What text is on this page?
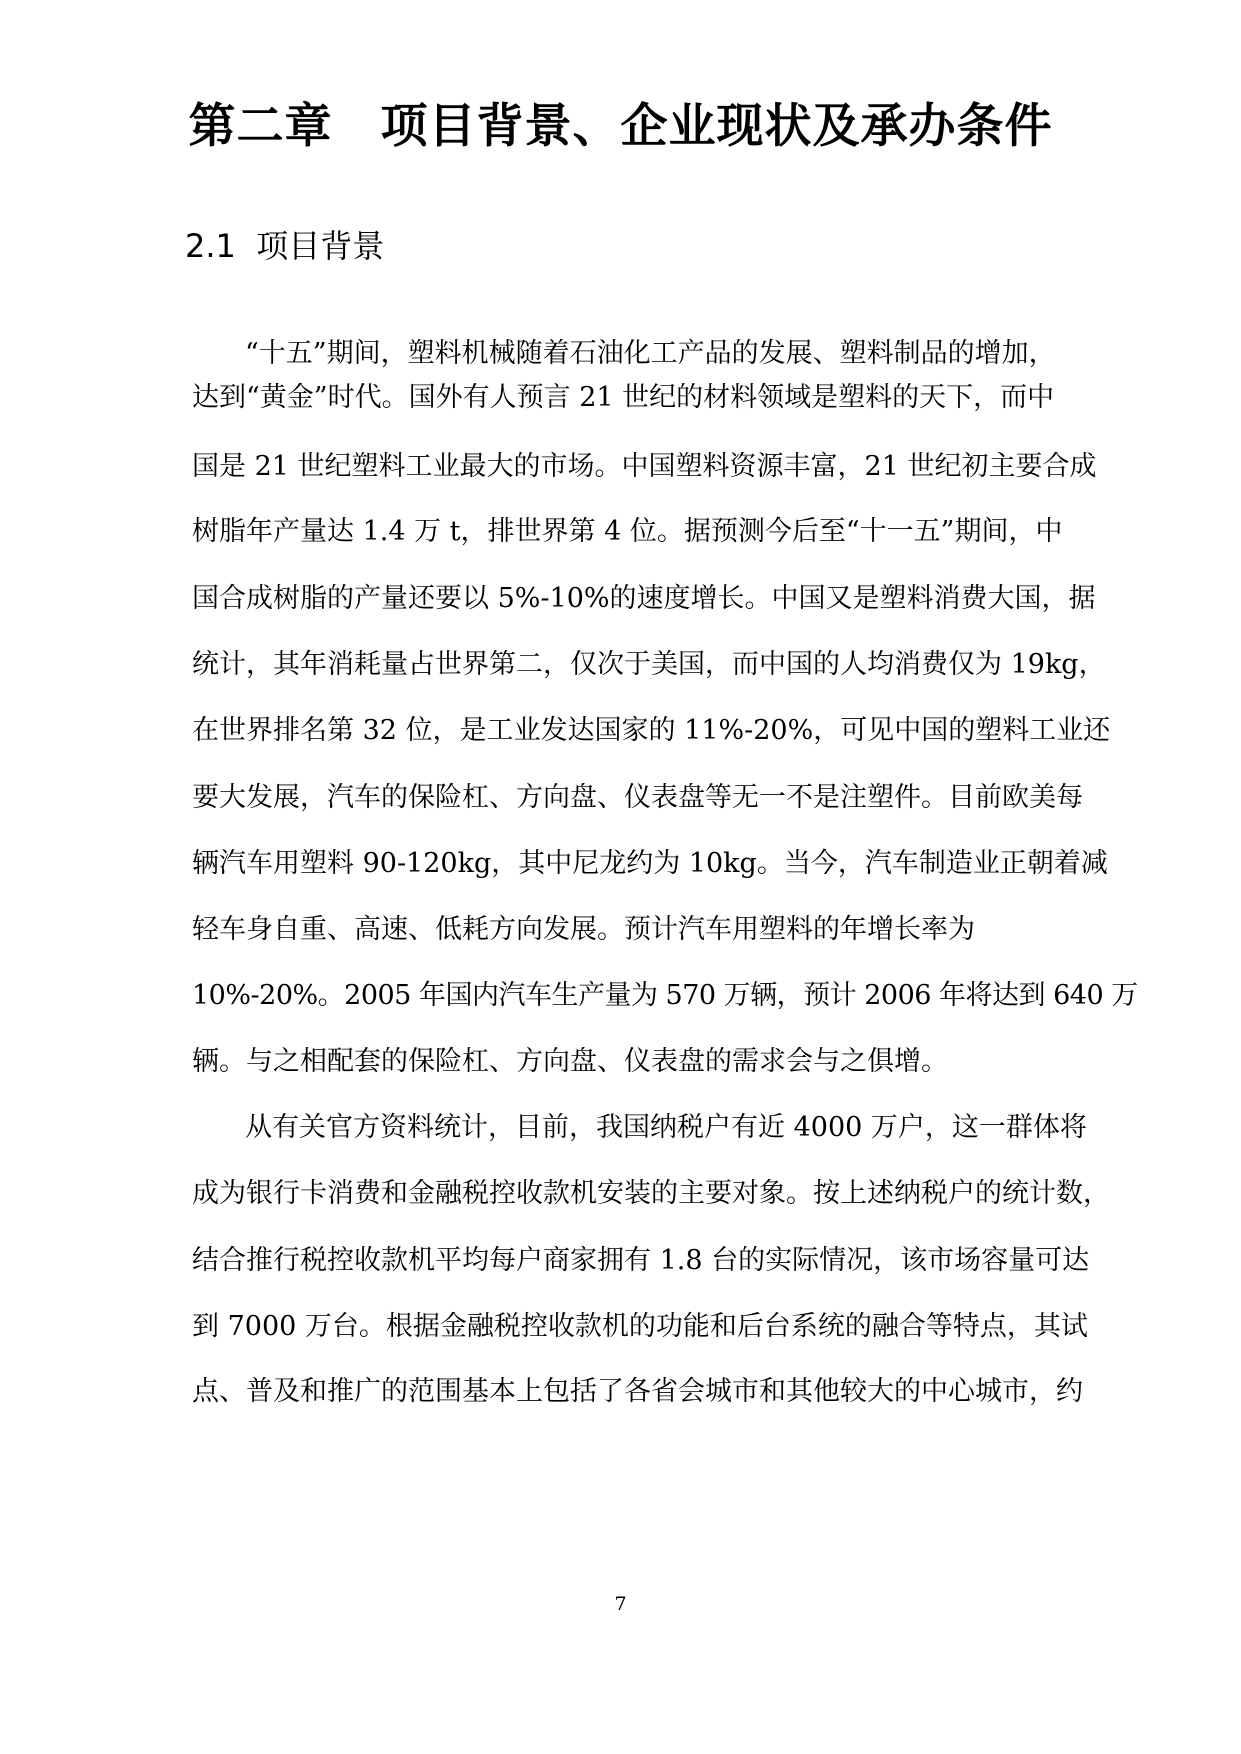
第二章　项目背景、企业现状及承办条件
2.1  项目背景

“十五”期间，塑料机械随着石油化工产品的发展、塑料制品的增加，

达到“黄金”时代。国外有人预言 21 世纪的材料领域是塑料的天下，而中

国是 21 世纪塑料工业最大的市场。中国塑料资源丰富，21 世纪初主要合成

树脂年产量达 1.4 万 t，排世界第 4 位。据预测今后至“十一五”期间，中

国合成树脂的产量还要以 5%-10%的速度增长。中国又是塑料消费大国，据

统计，其年消耗量占世界第二，仅次于美国，而中国的人均消费仅为 19kg，

在世界排名第 32 位，是工业发达国家的 11%-20%，可见中国的塑料工业还

要大发展，汽车的保险杠、方向盘、仪表盘等无一不是注塑件。目前欧美每

辆汽车用塑料 90-120kg，其中尼龙约为 10kg。当今，汽车制造业正朝着减

轻车身自重、高速、低耗方向发展。预计汽车用塑料的年增长率为

10%-20%。2005 年国内汽车生产量为 570 万辆，预计 2006 年将达到 640 万

辆。与之相配套的保险杠、方向盘、仪表盘的需求会与之俱增。

从有关官方资料统计，目前，我国纳税户有近 4000 万户，这一群体将

成为银行卡消费和金融税控收款机安装的主要对象。按上述纳税户的统计数，

结合推行税控收款机平均每户商家拥有 1.8 台的实际情况，该市场容量可达

到 7000 万台。根据金融税控收款机的功能和后台系统的融合等特点，其试

点、普及和推广的范围基本上包括了各省会城市和其他较大的中心城市，约

7
